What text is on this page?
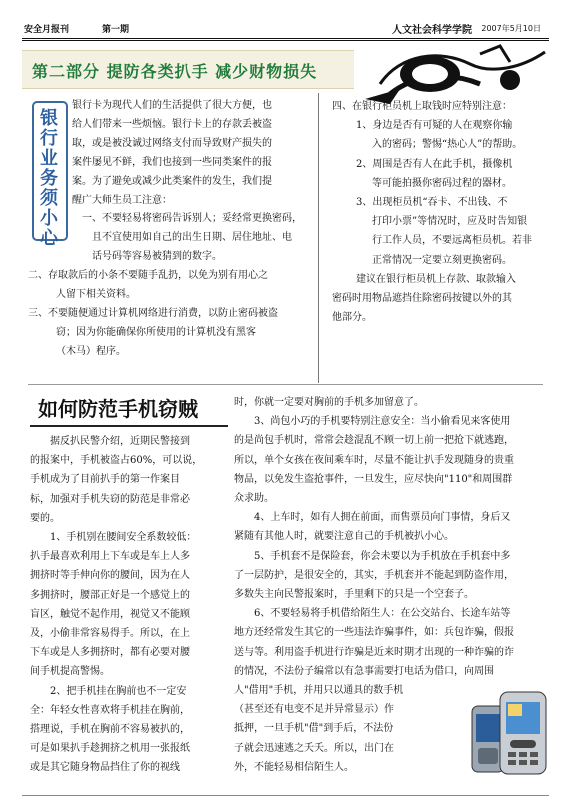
安全月报刊	第一期	人文社会科学学院 2007年5月10日
第二部分 提防各类扒手 减少财物损失
银行业务须小心

银行卡为现代人们的生活提供了很大方便，也

给人们带来一些烦恼。银行卡上的存款丢被盗

取，或是被没诚过网络支付而导致财产损失的

案件屡见不鲜，我们也接到一些同类案件的报

案。为了避免或减少此类案件的发生，我们提

醒广大师生员工注意：

一、不要轻易将密码告诉别人；妥经常更换密码，

且不宜使用如自己的出生日期、居住地址、电

话号码等容易被猜到的数字。

二、存取款后的小条不要随手乱扔，以免为别有用心之

人留下相关资料。

三、不要随便通过计算机网络进行消费，以防止密码被盗

窃；因为你能确保你所使用的计算机没有黑客

（木马）程序。

四、在银行柜员机上取钱时应特别注意：

1、身边是否有可疑的人在观察你输

入的密码；警惕“热心人”的帮助。

2、周围是否有人在此手机，摄像机

等可能拍摄你密码过程的器材。

3、出现柜员机“吞卡、不出钱、不

打印小票”等情况时，应及时告知银

行工作人员，不要远离柜员机。若非

正常情况一定要立刻更换密码。

建议在银行柜员机上存款、取款输入

密码时用物品遮挡住除密码按键以外的其

他部分。

如何防范手机窃贼

据反扒民警介绍，近期民警接到

的报案中，手机被盗占60%，可以说，

手机成为了目前扒手的第一作案目

标，加强对手机失窃的防范是非常必

要的。

1、手机别在腰间安全系数较低：

扒手最喜欢利用上下车或是车上人多

拥挤时等手伸向你的腰间，因为在人

多拥挤时，腰部正好是一个感觉上的

盲区，触觉不起作用，视觉又不能顾

及，小偷非常容易得手。所以，在上

下车或是人多拥挤时，都有必要对腰

间手机提高警惕。

2、把手机挂在胸前也不一定安

全：年轻女性喜欢将手机挂在胸前，

搭理说，手机在胸前不容易被扒的，

可是如果扒手趁拥挤之机用一张报纸

或是其它随身物品挡住了你的视线

时，你就一定要对胸前的手机多加留意了。

3、尚包小巧的手机要特别注意安全：当小偷看见来客使用

的是尚包手机时，常常会趁混乱不顾一切上前一把抢下就逃跑，

所以，单个女孩在夜间乘车时，尽量不能让扒手发现随身的贵重

物品，以免发生盗抢事件，一旦发生，应尽快向"110"和周围群

众求助。

4、上车时，如有人拥在前面，而售票员向门事情，身后又

紧随有其他人时，就要注意自己的手机被扒小心。

5、手机套不是保险套，你会未要以为手机放在手机套中多

了一层防护，是很安全的，其实，手机套并不能起到防盗作用，

多数失主向民警报案时，手里剩下的只是一个空套子。

6、不要轻易将手机借给陌生人：在公交站台、长途车站等

地方还经常发生其它的一些违法诈骗事件，如：兵包诈骗，假报

送与等。利用盗手机进行诈骗是近来时期才出现的一种诈骗的诈

的情况，不法份子编常以有急事需要打电话为借口，向周围

人"借用"手机，并用只以通具的数手机

（甚至还有电变不足并异常显示）作

抵押，一旦手机"借"到手后，不法份

子就会迅速逃之夭夭。所以，出门在

外，不能轻易相信陌生人。
